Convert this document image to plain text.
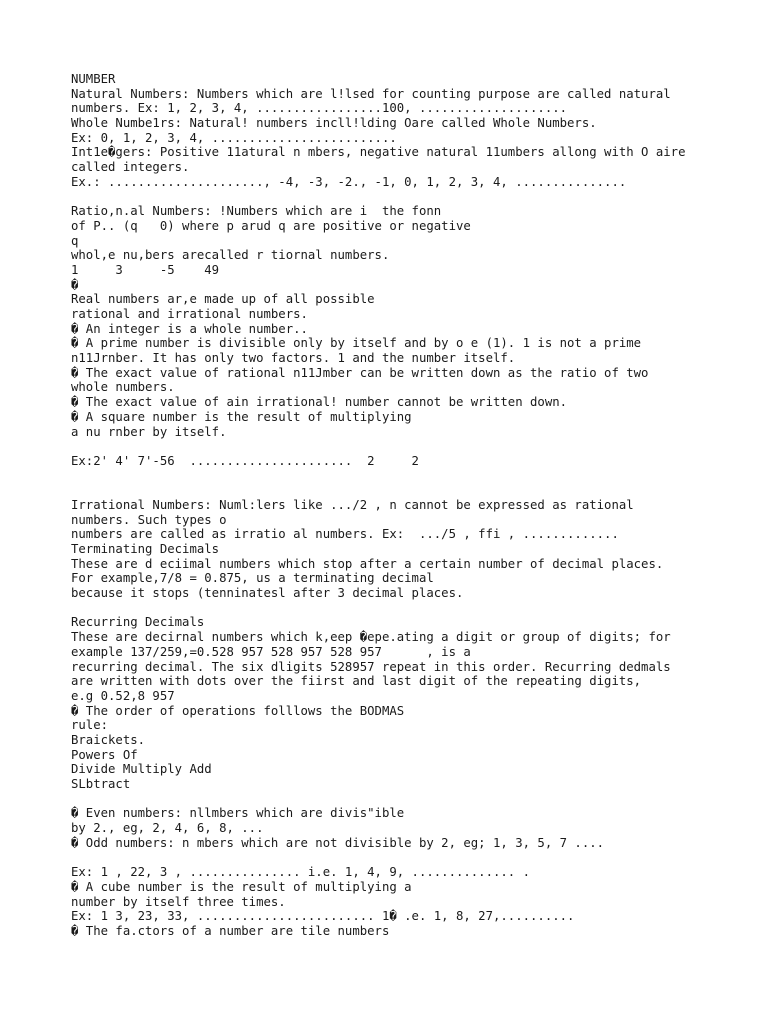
NUMBER
Natural Numbers: Numbers which are l!lsed for counting purpose are called natural
numbers. Ex: 1, 2, 3, 4, .................100, ....................
Whole Numbe1rs: Natural! numbers incll!lding Oare called Whole Numbers.
Ex: 0, 1, 2, 3, 4, .........................
Int1e�gers: Positive 11atural n mbers, negative natural 11umbers allong with O aire
called integers.
Ex.: ....................., -4, -3, -2., -1, 0, 1, 2, 3, 4, ...............
Ratio,n.al Numbers: !Numbers which are i  the fonn
of P.. (q   0) where p arud q are positive or negative
q
whol,e nu,bers arecalled r tiornal numbers.
1     3     -5    49
�
Real numbers ar,e made up of all possible
rational and irrational numbers.
� An integer is a whole number..
� A prime number is divisible only by itself and by o e (1). 1 is not a prime
n11Jrnber. It has only two factors. 1 and the number itself.
� The exact value of rational n11Jmber can be written down as the ratio of two
whole numbers.
� The exact value of ain irrational! number cannot be written down.
� A square number is the result of multiplying
a nu rnber by itself.
Ex:2' 4' 7'-56  ......................  2     2
Irrational Numbers: Numl:lers like .../2 , n cannot be expressed as rational
numbers. Such types o
numbers are called as irratio al numbers. Ex:  .../5 , ffi , .............
Terminating Decimals
These are d eciimal numbers which stop after a certain number of decimal places.
For example,7/8 = 0.875, us a terminating decimal
because it stops (tenninatesl after 3 decimal places.
Recurring Decimals
These are decirnal numbers which k,eep �epe.ating a digit or group of digits; for
example 137/259,=0.528 957 528 957 528 957      , is a
recurring decimal. The six dligits 528957 repeat in this order. Recurring dedmals
are written with dots over the fiirst and last digit of the repeating digits,
e.g 0.52,8 957
� The order of operations folllows the BODMAS
rule:
Braickets.
Powers Of
Divide Multiply Add
SLbtract
� Even numbers: nllmbers which are divis"ible
by 2., eg, 2, 4, 6, 8, ...
� Odd numbers: n mbers which are not divisible by 2, eg; 1, 3, 5, 7 ....
Ex: 1 , 22, 3 , ............... i.e. 1, 4, 9, .............. .
� A cube number is the result of multiplying a
number by itself three times.
Ex: 1 3, 23, 33, ........................ 1� .e. 1, 8, 27,..........
� The fa.ctors of a number are tile numbers
